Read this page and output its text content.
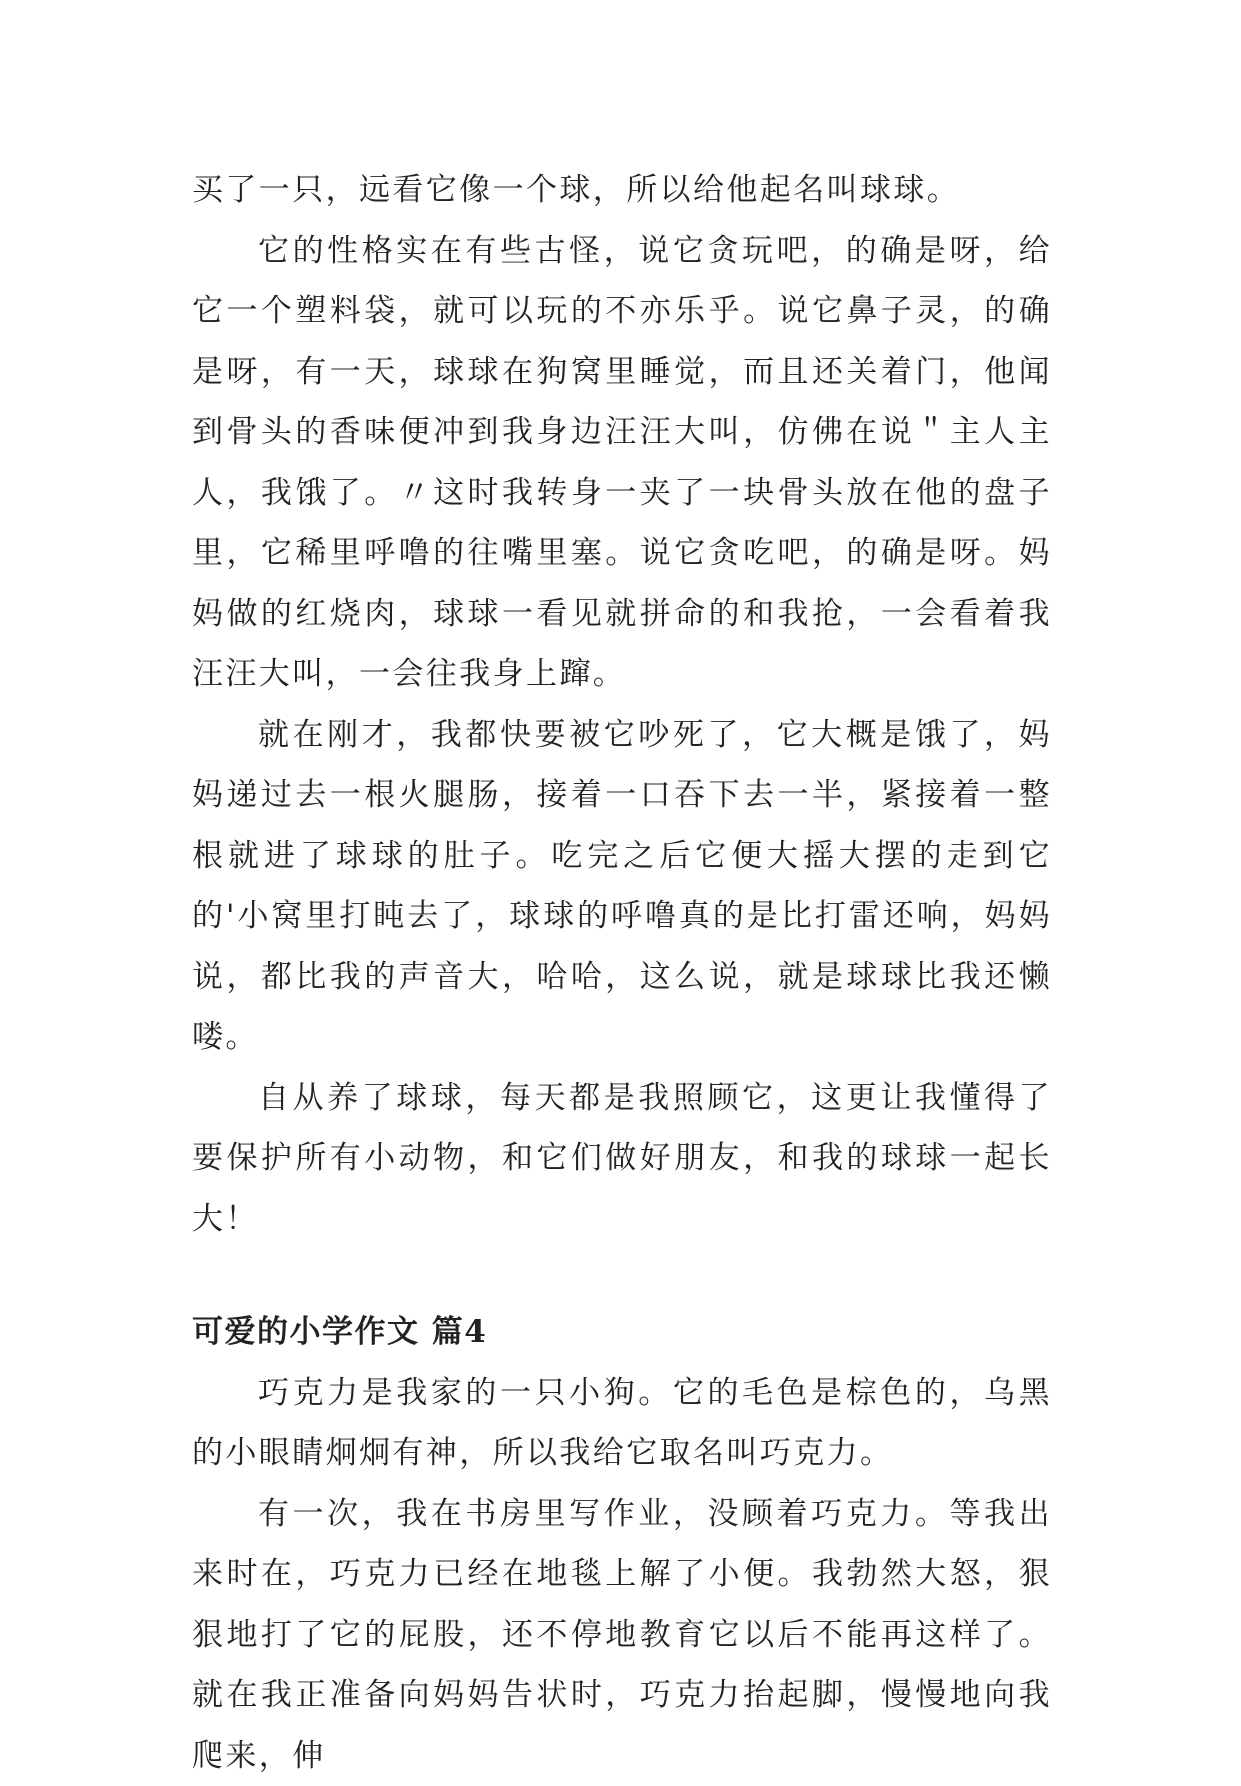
买了一只，远看它像一个球，所以给他起名叫球球。

它的性格实在有些古怪，说它贪玩吧，的确是呀，给它一个塑料袋，就可以玩的不亦乐乎。说它鼻子灵，的确是呀，有一天，球球在狗窝里睡觉，而且还关着门，他闻到骨头的香味便冲到我身边汪汪大叫，仿佛在说＂主人主人，我饿了。〃这时我转身一夹了一块骨头放在他的盘子里，它稀里呼噜的往嘴里塞。说它贪吃吧，的确是呀。妈妈做的红烧肉，球球一看见就拼命的和我抢，一会看着我汪汪大叫，一会往我身上蹿。

就在刚才，我都快要被它吵死了，它大概是饿了，妈妈递过去一根火腿肠，接着一口吞下去一半，紧接着一整根就进了球球的肚子。吃完之后它便大摇大摆的走到它的'小窝里打盹去了，球球的呼噜真的是比打雷还响，妈妈说，都比我的声音大，哈哈，这么说，就是球球比我还懒喽。

自从养了球球，每天都是我照顾它，这更让我懂得了要保护所有小动物，和它们做好朋友，和我的球球一起长大！

可爱的小学作文 篇4

巧克力是我家的一只小狗。它的毛色是棕色的，乌黑的小眼睛炯炯有神，所以我给它取名叫巧克力。

有一次，我在书房里写作业，没顾着巧克力。等我出来时在，巧克力已经在地毯上解了小便。我勃然大怒，狠狠地打了它的屁股，还不停地教育它以后不能再这样了。就在我正准备向妈妈告状时，巧克力抬起脚，慢慢地向我爬来，伸
